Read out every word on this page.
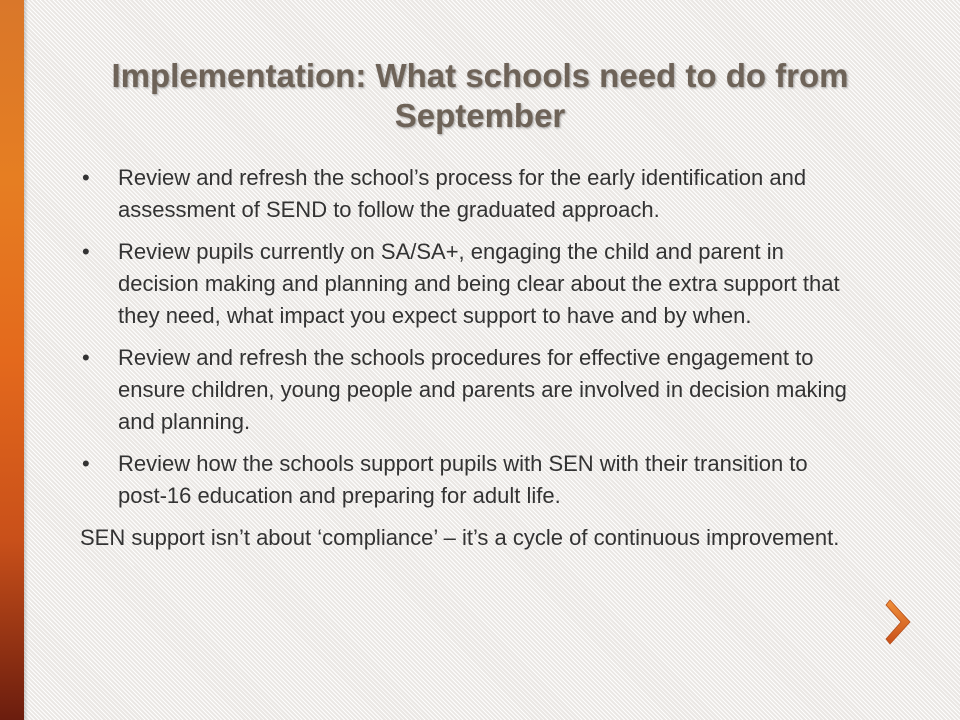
Implementation: What schools need to do from September
• Review and refresh the school’s process for the early identification and assessment of SEND to follow the graduated approach.
• Review pupils currently on SA/SA+, engaging the child and parent in decision making and planning and being clear about the extra support that they need, what impact you expect support to have and by when.
• Review and refresh the schools procedures for effective engagement to ensure children, young people and parents are involved in decision making and planning.
• Review how the schools support pupils with SEN with their transition to post-16 education and preparing for adult life.

SEN support isn’t about ‘compliance’ – it’s a cycle of continuous improvement.
